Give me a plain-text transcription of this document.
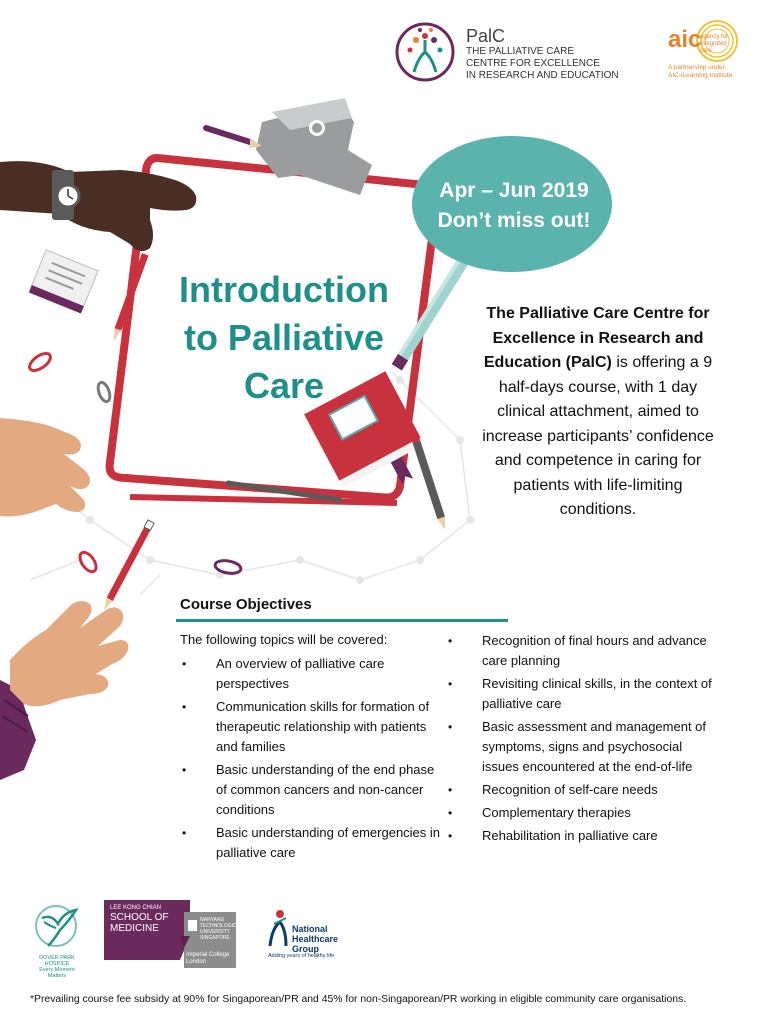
PalC
THE PALLIATIVE CARE
CENTRE FOR EXCELLENCE
IN RESEARCH AND EDUCATION
aic
agency for integrated care
A partnership under
AIC-iLearning Institute
Apr – Jun 2019
Don’t miss out!
Introduction
to Palliative
Care
The Palliative Care Centre for Excellence in Research and Education (PalC) is offering a 9 half-days course, with 1 day clinical attachment, aimed to increase participants’ confidence and competence in caring for patients with life-limiting conditions.
Course Objectives
The following topics will be covered:
• An overview of palliative care perspectives
• Communication skills for formation of therapeutic relationship with patients and families
• Basic understanding of the end phase of common cancers and non-cancer conditions
• Basic understanding of emergencies in palliative care
• Recognition of final hours and advance care planning
• Revisiting clinical skills, in the context of palliative care
• Basic assessment and management of symptoms, signs and psychosocial issues encountered at the end-of-life
• Recognition of self-care needs
• Complementary therapies
• Rehabilitation in palliative care
DOVER PARK HOSPICE
Every Moment Matters
LEE KONG CHIAN
SCHOOL OF
MEDICINE
NANYANG TECHNOLOGICAL UNIVERSITY SINGAPORE
Imperial College
London
National
Healthcare
Group
Adding years of healthy life
*Prevailing course fee subsidy at 90% for Singaporean/PR and 45% for non-Singaporean/PR working in eligible community care organisations.
